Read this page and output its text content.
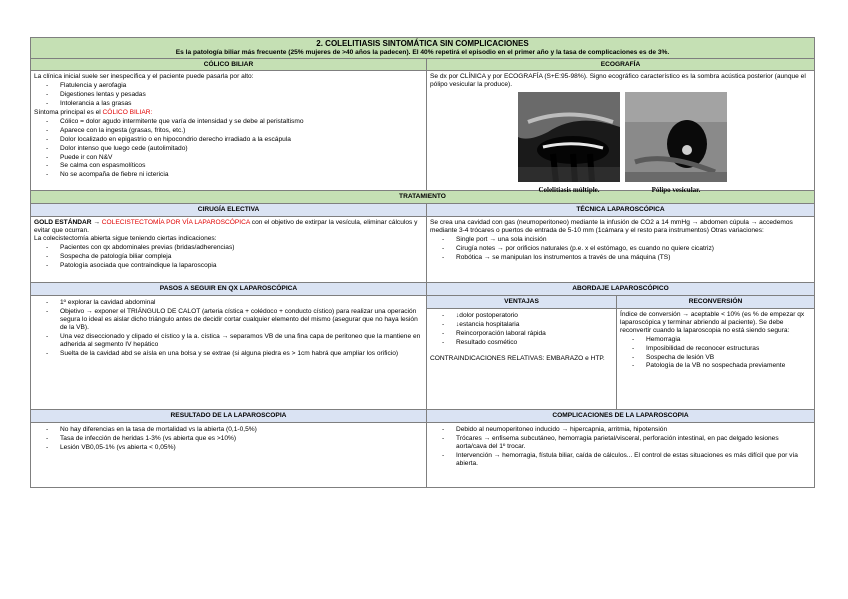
2. COLELITIASIS SINTOMÁTICA SIN COMPLICACIONES
Es la patología biliar más frecuente (25% mujeres de >40 años la padecen). El 40% repetirá el episodio en el primer año y la tasa de complicaciones es de 3%.
CÓLICO BILIAR	ECOGRAFÍA
La clínica inicial suele ser inespecífica y el paciente puede pasarla por alto:
- Flatulencia y aerofagia
- Digestiones lentas y pesadas
- Intolerancia a las grasas
Síntoma principal es el CÓLICO BILIAR:
- Cólico = dolor agudo intermitente que varía de intensidad y se debe al peristaltismo
- Aparece con la ingesta (grasas, fritos, etc.)
- Dolor localizado en epigastrio o en hipocondrio derecho irradiado a la escápula
- Dolor intenso que luego cede (autolimitado)
- Puede ir con N&V
- Se calma con espasmolíticos
- No se acompaña de fiebre ni ictericia
Se dx por CLÍNICA y por ECOGRAFÍA (S+E:95-98%). Signo ecográfico característico es la sombra acústica posterior (aunque el pólipo vesicular la produce).
Colelitiasis múltiple.	Pólipo vesicular.
TRATAMIENTO
CIRUGÍA ELECTIVA	TÉCNICA LAPAROSCÓPICA
GOLD ESTÁNDAR → COLECISTECTOMÍA POR VÍA LAPAROSCÓPICA con el objetivo de extirpar la vesícula, eliminar cálculos y evitar que ocurran.
La colecistectomía abierta sigue teniendo ciertas indicaciones:
- Pacientes con qx abdominales previas (bridas/adherencias)
- Sospecha de patología biliar compleja
- Patología asociada que contraindique la laparoscopia
Se crea una cavidad con gas (neumoperitoneo) mediante la infusión de CO2 a 14 mmHg → abdomen cúpula → accedemos mediante 3-4 trócares o puertos de entrada de 5-10 mm (1cámara y el resto para instrumentos) Otras variaciones:
- Single port → una sola incisión
- Cirugía notes → por orificios naturales (p.e. x el estómago, es cuando no quiere cicatriz)
- Robótica → se manipulan los instrumentos a través de una máquina (TS)
PASOS A SEGUIR EN QX LAPAROSCÓPICA	ABORDAJE LAPAROSCÓPICO
- 1º explorar la cavidad abdominal
- Objetivo → exponer el TRIÁNGULO DE CALOT (arteria cística + colédoco + conducto cístico) para realizar una operación segura lo ideal es aislar dicho triángulo antes de decidir cortar cualquier elemento del mismo (asegurar que no haya lesión de la VB).
- Una vez diseccionado y clipado el cístico y la a. cística → separamos VB de una fina capa de peritoneo que la mantiene en adherida al segmento IV hepático
- Suelta de la cavidad abd se aísla en una bolsa y se extrae (si alguna piedra es > 1cm habrá que ampliar los orificio)
VENTAJAS
- ↓dolor postoperatorio
- ↓estancia hospitalaria
- Reincorporación laboral rápida
- Resultado cosmético
CONTRAINDICACIONES RELATIVAS: EMBARAZO e HTP.
RECONVERSIÓN
Índice de conversión → aceptable < 10% (es % de empezar qx laparoscópica y terminar abriendo al paciente). Se debe reconvertir cuando la laparoscopia no está siendo segura:
- Hemorragia
- Imposibilidad de reconocer estructuras
- Sospecha de lesión VB
- Patología de la VB no sospechada previamente
RESULTADO DE LA LAPAROSCOPIA	COMPLICACIONES DE LA LAPAROSCOPIA
- No hay diferencias en la tasa de mortalidad vs la abierta (0,1-0,5%)
- Tasa de infección de heridas 1-3% (vs abierta que es >10%)
- Lesión VB0,05-1% (vs abierta < 0,05%)
- Debido al neumoperitoneo inducido → hipercapnia, arritmia, hipotensión
- Trócares → enfisema subcutáneo, hemorragia parietal/visceral, perforación intestinal, en pac delgado lesiones aorta/cava del 1º trocar.
- Intervención → hemorragia, fístula biliar, caída de cálculos... El control de estas situaciones es más difícil que por vía abierta.
